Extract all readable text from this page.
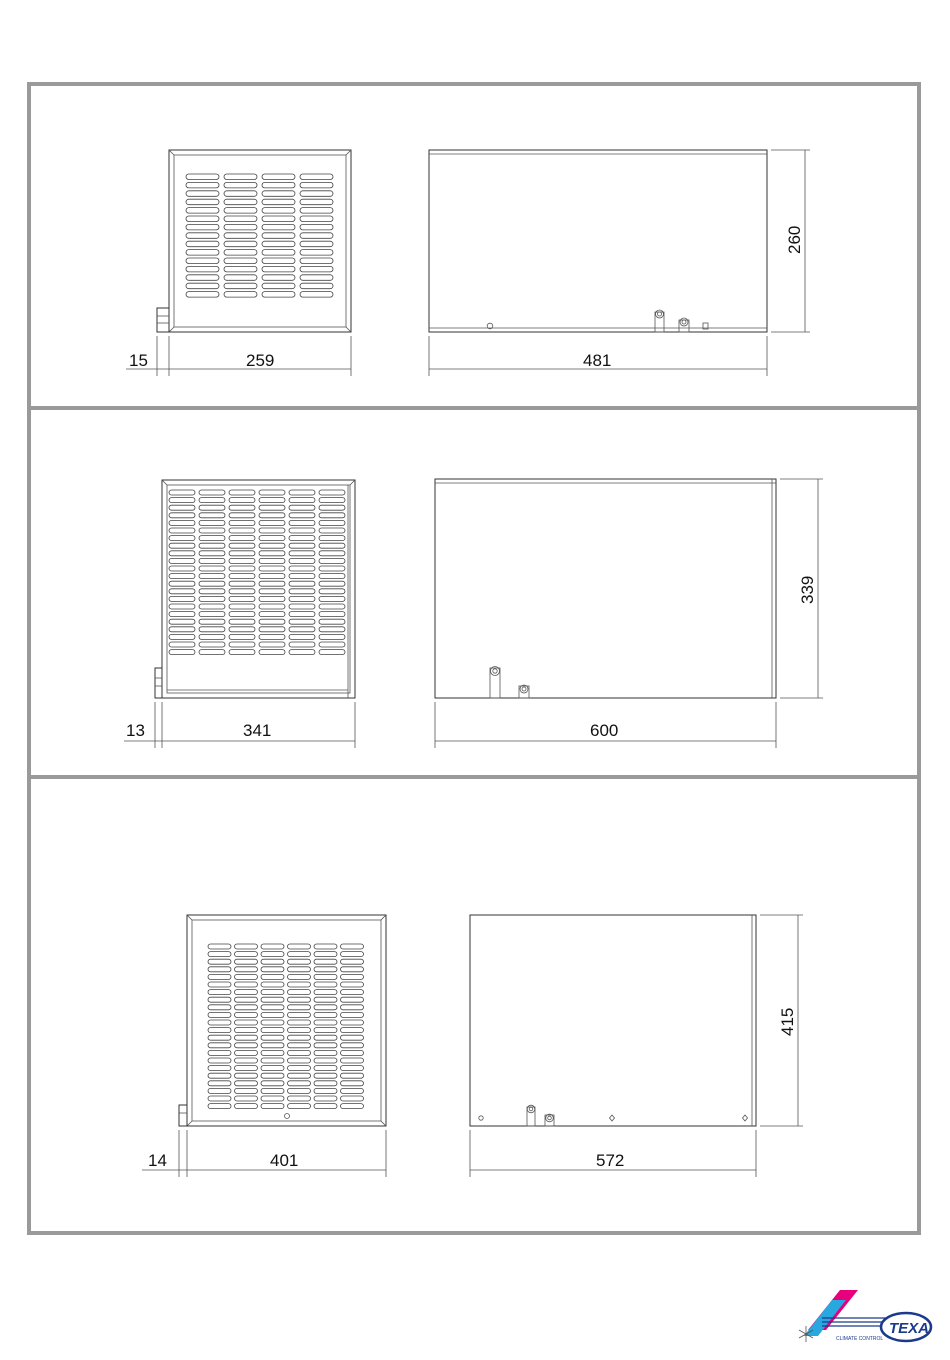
15	259	481
260
13	341	600
339
14	401	572
415
TEXA
CLIMATE CONTROL
